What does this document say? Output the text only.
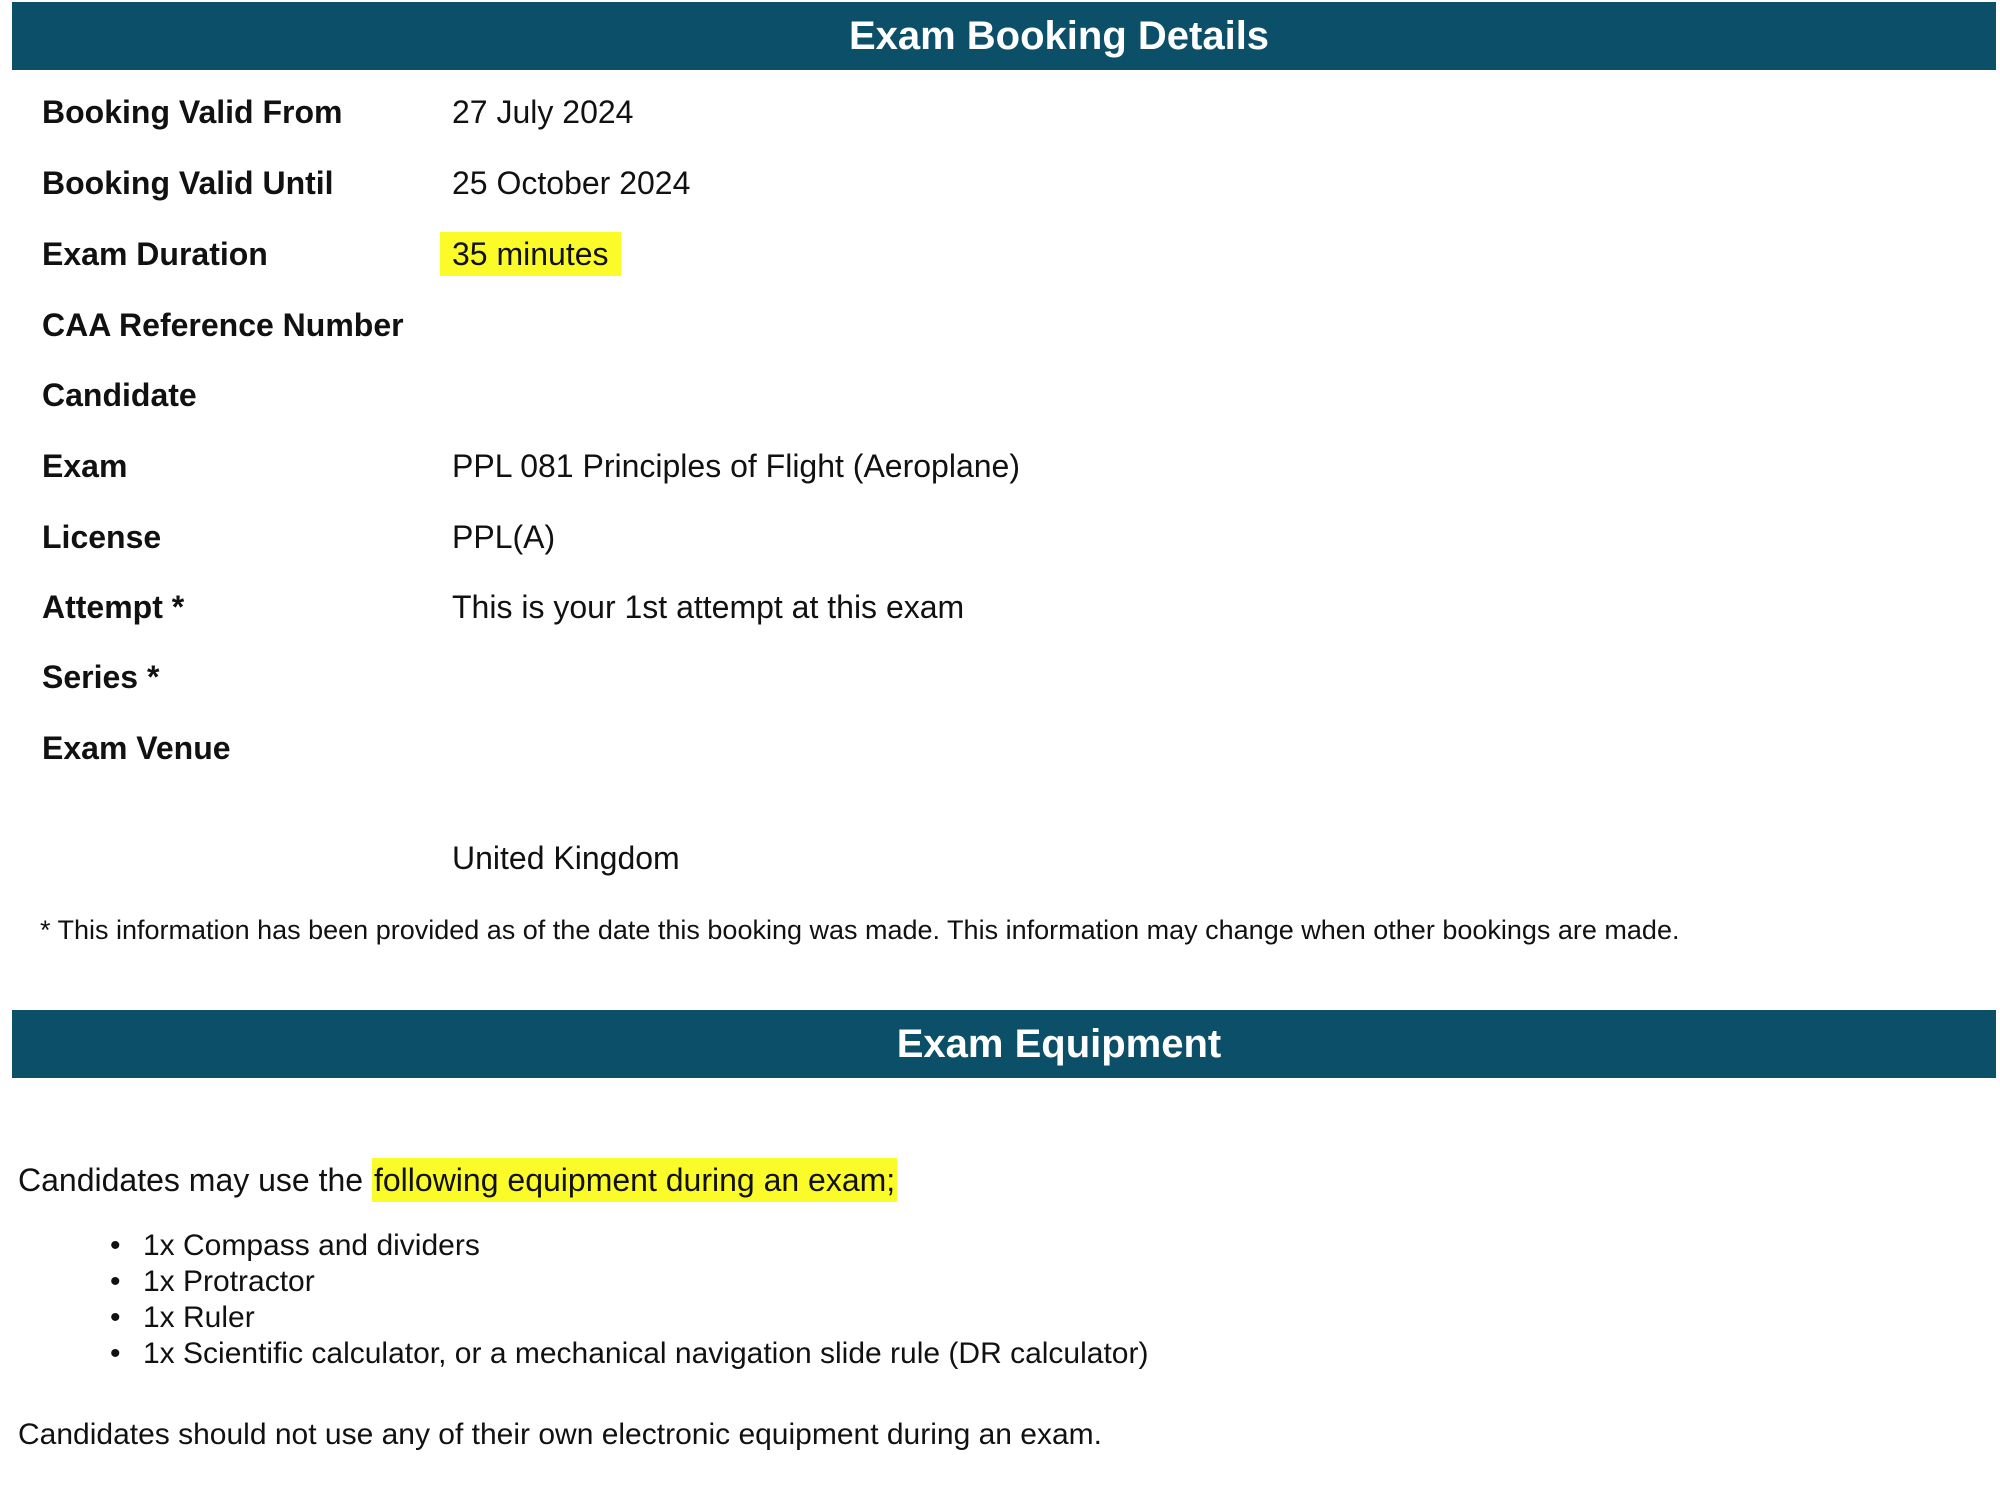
Exam Booking Details
Booking Valid From	27 July 2024
Booking Valid Until	25 October 2024
Exam Duration	35 minutes
CAA Reference Number
Candidate
Exam	PPL 081 Principles of Flight (Aeroplane)
License	PPL(A)
Attempt *	This is your 1st attempt at this exam
Series *
Exam Venue
United Kingdom
* This information has been provided as of the date this booking was made. This information may change when other bookings are made.
Exam Equipment
Candidates may use the following equipment during an exam;
• 1x Compass and dividers
• 1x Protractor
• 1x Ruler
• 1x Scientific calculator, or a mechanical navigation slide rule (DR calculator)
Candidates should not use any of their own electronic equipment during an exam.
